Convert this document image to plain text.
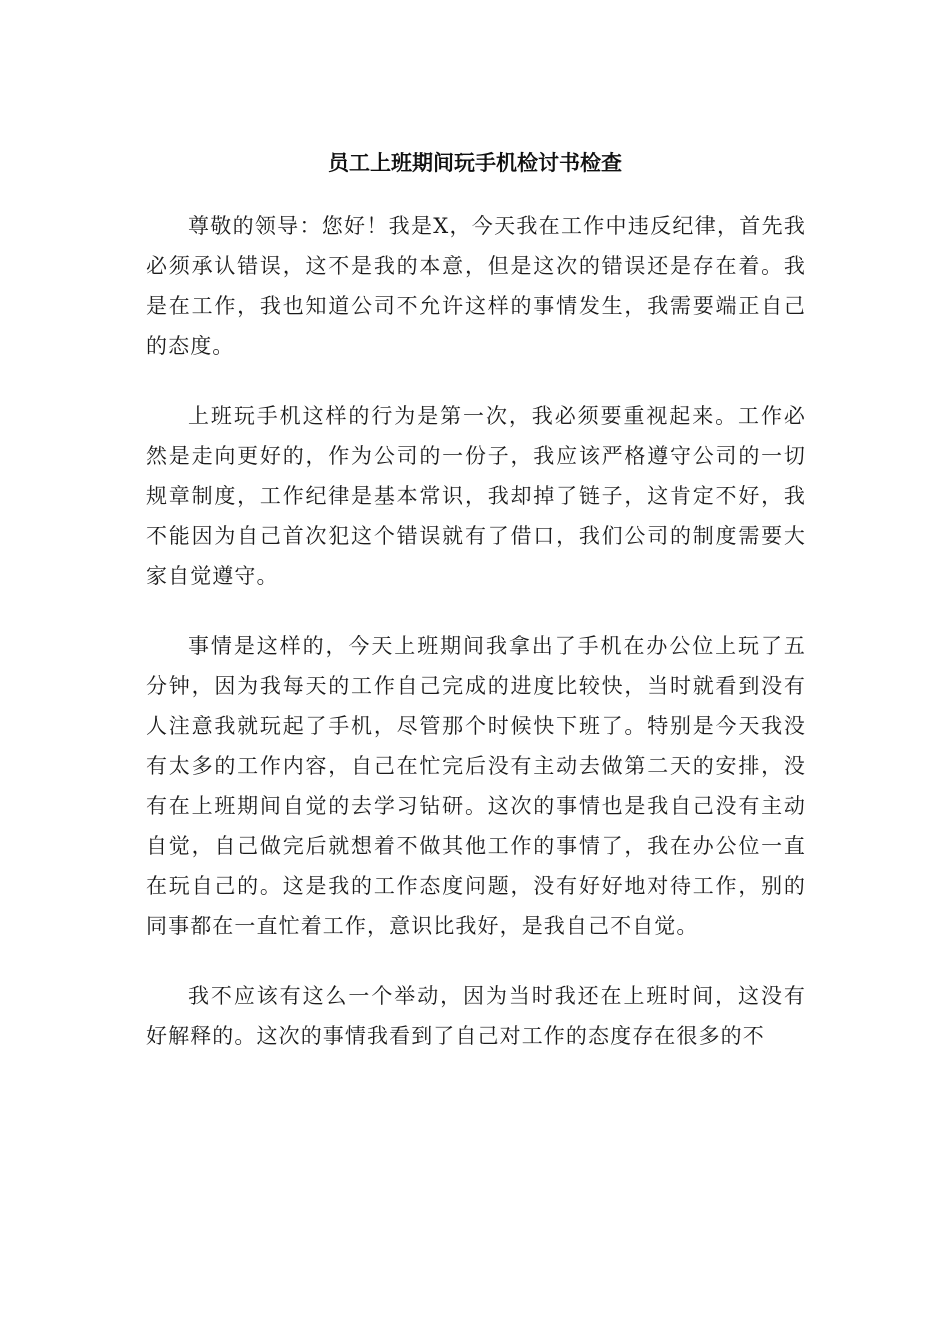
员工上班期间玩手机检讨书检查

尊敬的领导：您好！我是X，今天我在工作中违反纪律，首先我必须承认错误，这不是我的本意，但是这次的错误还是存在着。我是在工作，我也知道公司不允许这样的事情发生，我需要端正自己的态度。

上班玩手机这样的行为是第一次，我必须要重视起来。工作必然是走向更好的，作为公司的一份子，我应该严格遵守公司的一切规章制度，工作纪律是基本常识，我却掉了链子，这肯定不好，我不能因为自己首次犯这个错误就有了借口，我们公司的制度需要大家自觉遵守。

事情是这样的，今天上班期间我拿出了手机在办公位上玩了五分钟，因为我每天的工作自己完成的进度比较快，当时就看到没有人注意我就玩起了手机，尽管那个时候快下班了。特别是今天我没有太多的工作内容，自己在忙完后没有主动去做第二天的安排，没有在上班期间自觉的去学习钻研。这次的事情也是我自己没有主动自觉，自己做完后就想着不做其他工作的事情了，我在办公位一直在玩自己的。这是我的工作态度问题，没有好好地对待工作，别的同事都在一直忙着工作，意识比我好，是我自己不自觉。

我不应该有这么一个举动，因为当时我还在上班时间，这没有好解释的。这次的事情我看到了自己对工作的态度存在很多的不
